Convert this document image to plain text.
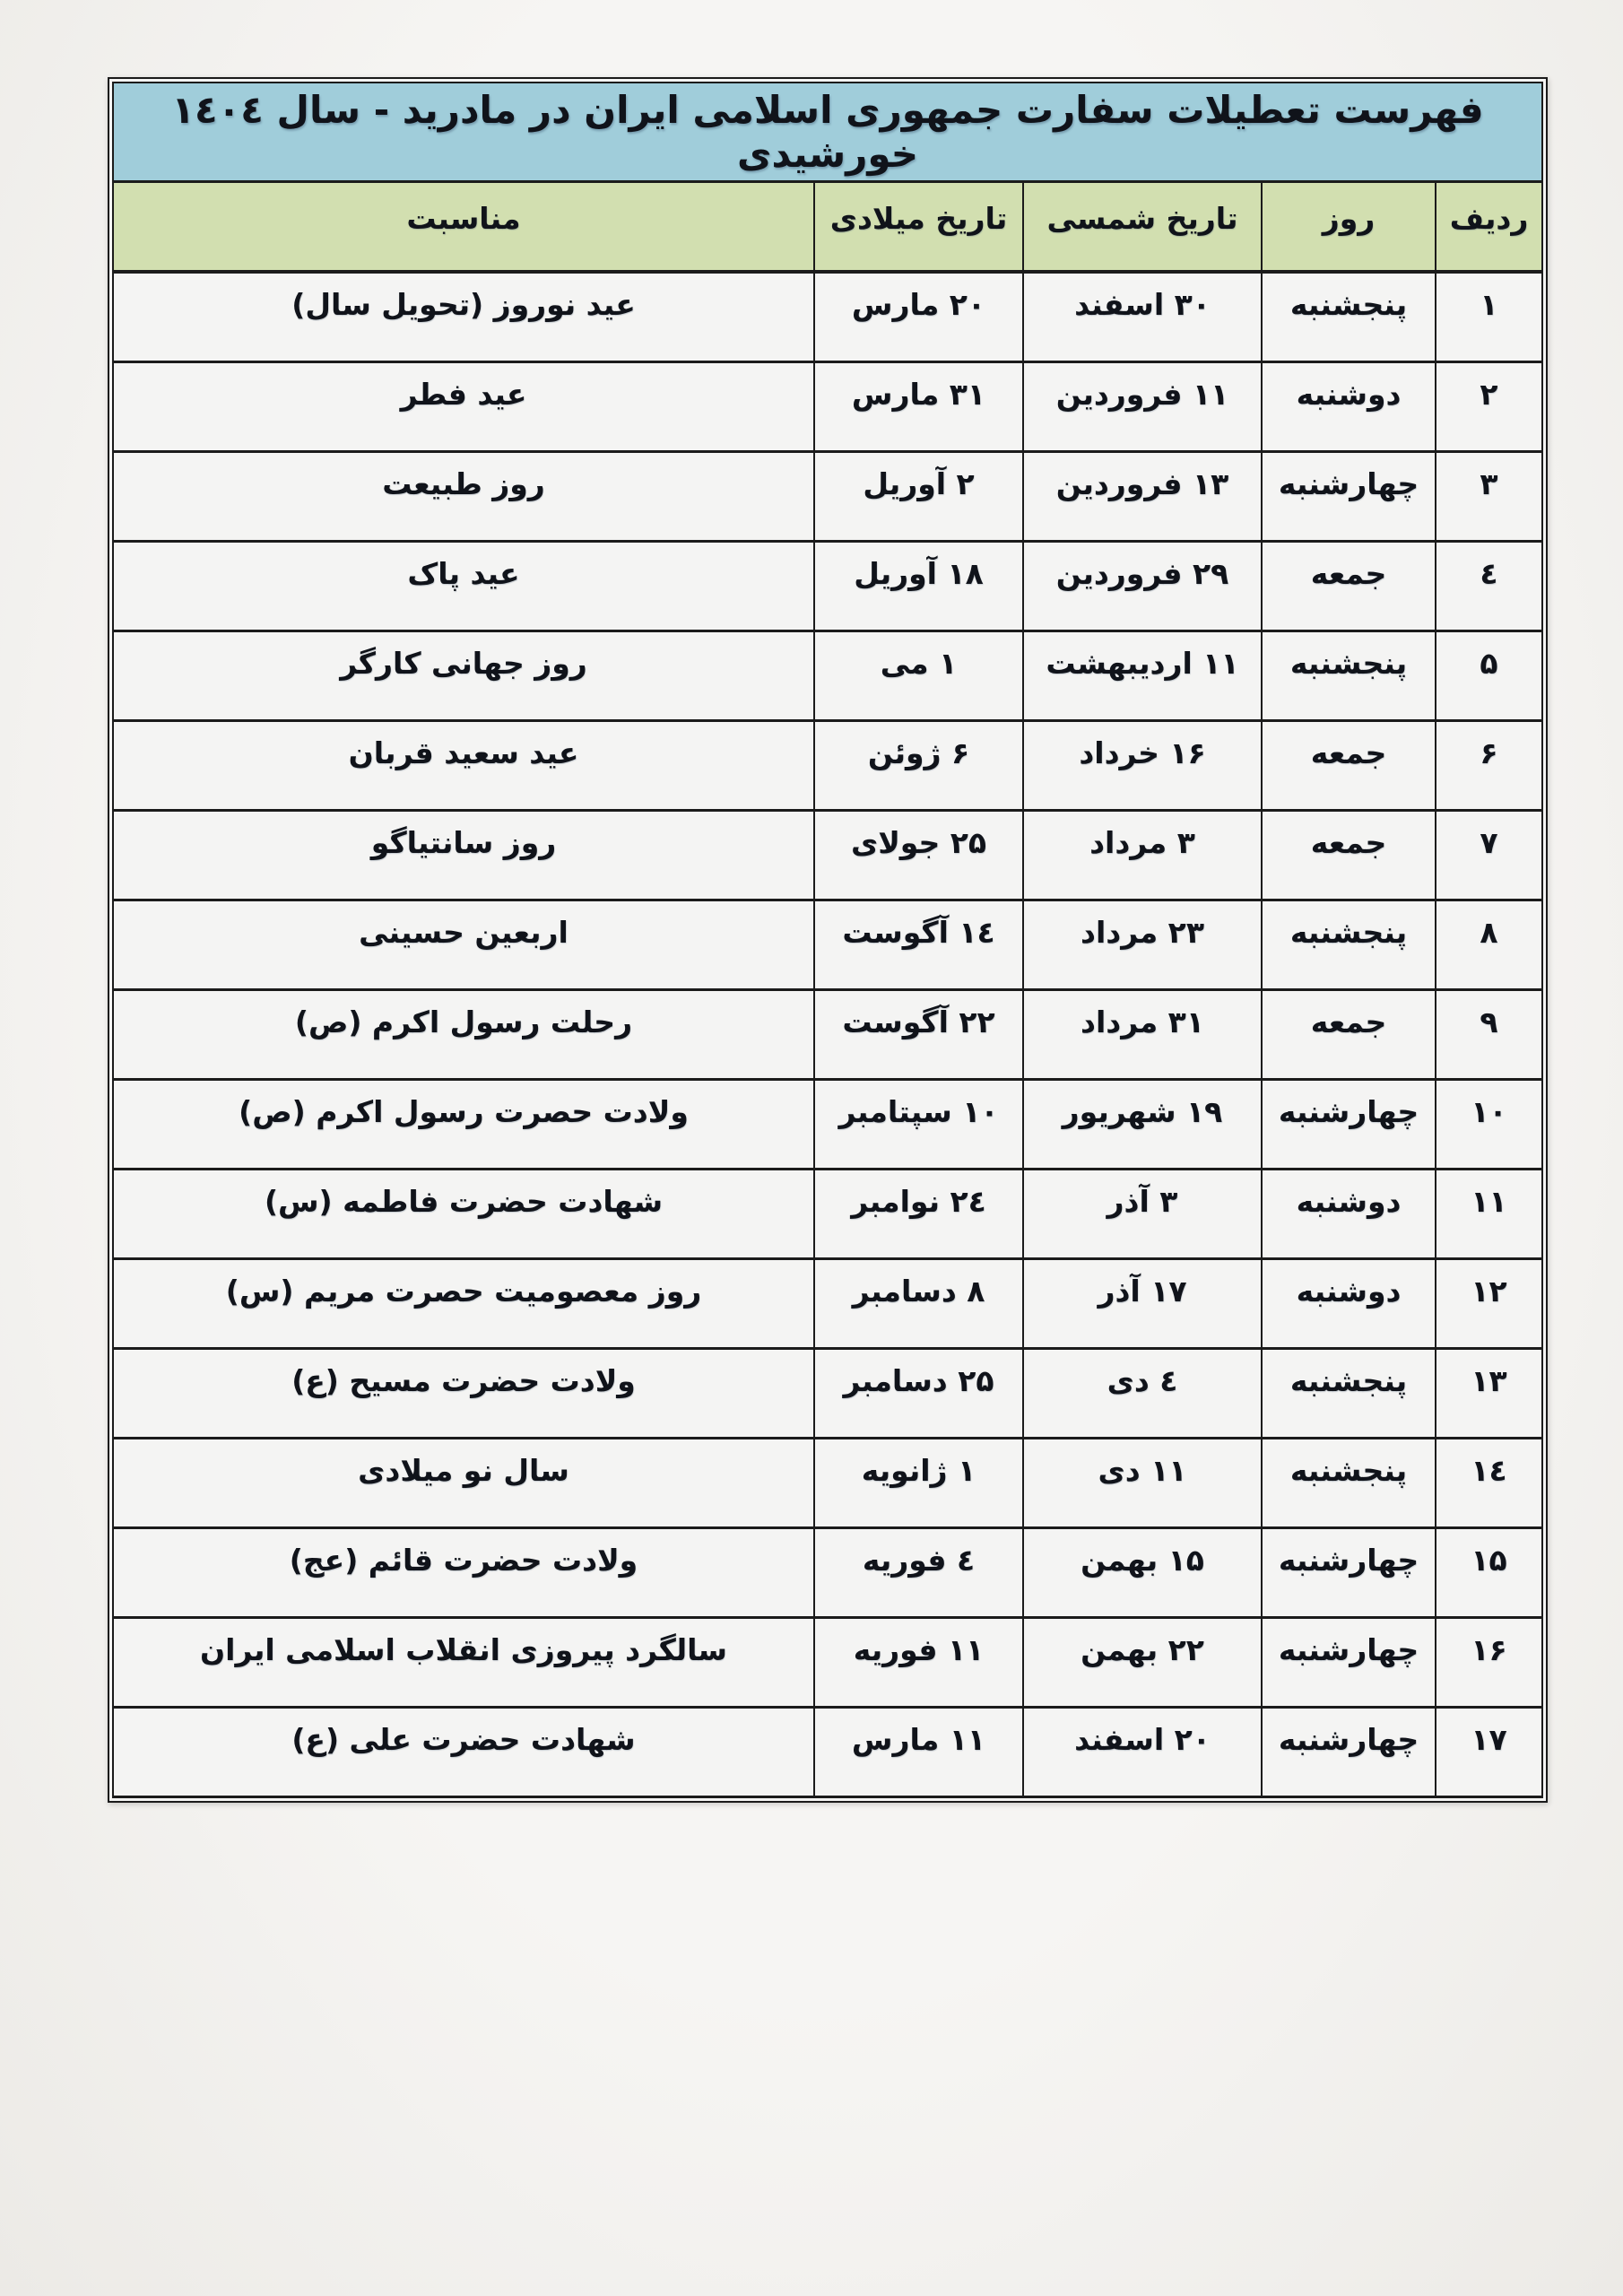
فهرست تعطیلات سفارت جمهوری اسلامی ایران در مادرید - سال ۱٤۰٤ خورشیدی				
ردیف	روز	تاریخ شمسی	تاریخ میلادی	مناسبت
۱	پنجشنبه	۳۰ اسفند	۲۰ مارس	عید نوروز (تحویل سال)
۲	دوشنبه	۱۱ فروردین	۳۱ مارس	عید فطر
۳	چهارشنبه	۱۳ فروردین	۲ آوریل	روز طبیعت
٤	جمعه	۲۹ فروردین	۱۸ آوریل	عید پاک
۵	پنجشنبه	۱۱ اردیبهشت	۱ می	روز جهانی کارگر
۶	جمعه	۱۶ خرداد	۶ ژوئن	عید سعید قربان
۷	جمعه	۳ مرداد	۲۵ جولای	روز سانتیاگو
۸	پنجشنبه	۲۳ مرداد	۱٤ آگوست	اربعین حسینی
۹	جمعه	۳۱ مرداد	۲۲ آگوست	رحلت رسول اکرم (ص)
۱۰	چهارشنبه	۱۹ شهریور	۱۰ سپتامبر	ولادت حصرت رسول اکرم (ص)
۱۱	دوشنبه	۳ آذر	۲٤ نوامبر	شهادت حضرت فاطمه (س)
۱۲	دوشنبه	۱۷ آذر	۸ دسامبر	روز معصومیت حصرت مریم (س)
۱۳	پنجشنبه	٤ دی	۲۵ دسامبر	ولادت حضرت مسیح (ع)
۱٤	پنجشنبه	۱۱ دی	۱ ژانویه	سال نو میلادی
۱۵	چهارشنبه	۱۵ بهمن	٤ فوریه	ولادت حضرت قائم (عج)
۱۶	چهارشنبه	۲۲ بهمن	۱۱ فوریه	سالگرد پیروزی انقلاب اسلامی ایران
۱۷	چهارشنبه	۲۰ اسفند	۱۱ مارس	شهادت حضرت علی (ع)
